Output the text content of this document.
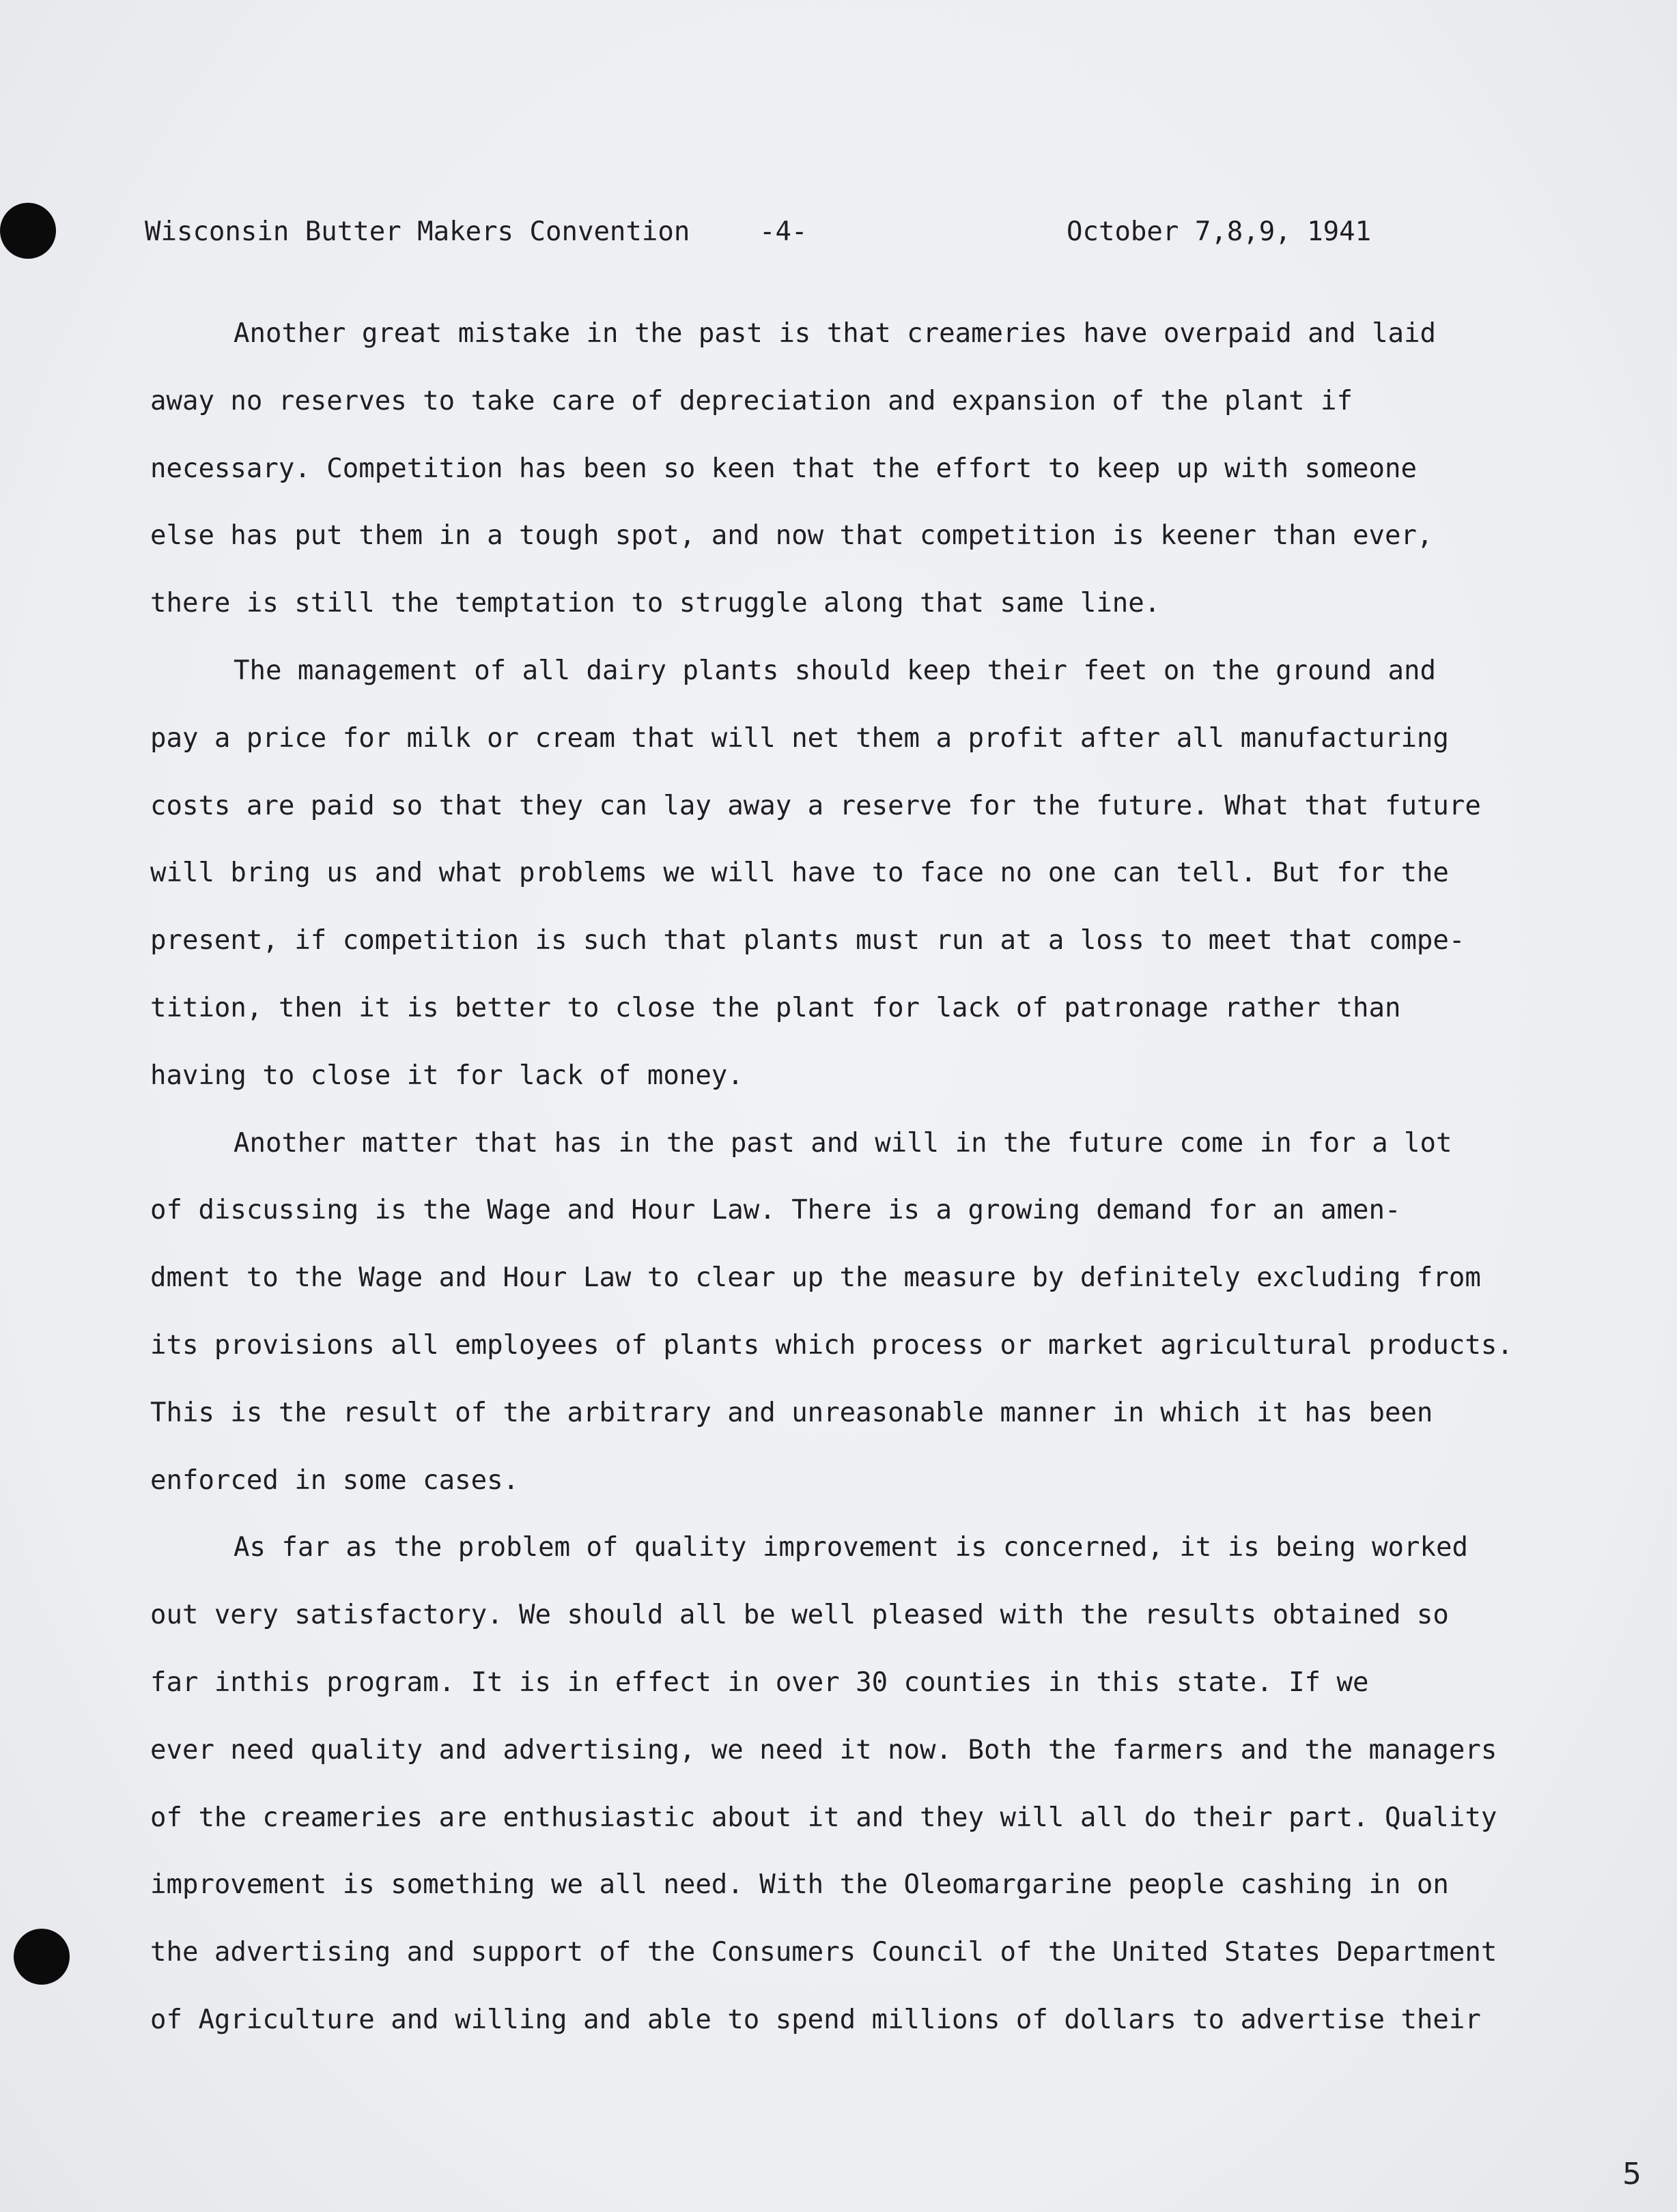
Wisconsin Butter Makers Convention	-4-	October 7,8,9, 1941
Another great mistake in the past is that creameries have overpaid and laid
away no reserves to take care of depreciation and expansion of the plant if
necessary. Competition has been so keen that the effort to keep up with someone
else has put them in a tough spot, and now that competition is keener than ever,
there is still the temptation to struggle along that same line.
The management of all dairy plants should keep their feet on the ground and
pay a price for milk or cream that will net them a profit after all manufacturing
costs are paid so that they can lay away a reserve for the future. What that future
will bring us and what problems we will have to face no one can tell. But for the
present, if competition is such that plants must run at a loss to meet that compe-
tition, then it is better to close the plant for lack of patronage rather than
having to close it for lack of money.
Another matter that has in the past and will in the future come in for a lot
of discussing is the Wage and Hour Law. There is a growing demand for an amen-
dment to the Wage and Hour Law to clear up the measure by definitely excluding from
its provisions all employees of plants which process or market agricultural products.
This is the result of the arbitrary and unreasonable manner in which it has been
enforced in some cases.
As far as the problem of quality improvement is concerned, it is being worked
out very satisfactory. We should all be well pleased with the results obtained so
far inthis program. It is in effect in over 30 counties in this state. If we
ever need quality and advertising, we need it now. Both the farmers and the managers
of the creameries are enthusiastic about it and they will all do their part. Quality
improvement is something we all need. With the Oleomargarine people cashing in on
the advertising and support of the Consumers Council of the United States Department
of Agriculture and willing and able to spend millions of dollars to advertise their
5
